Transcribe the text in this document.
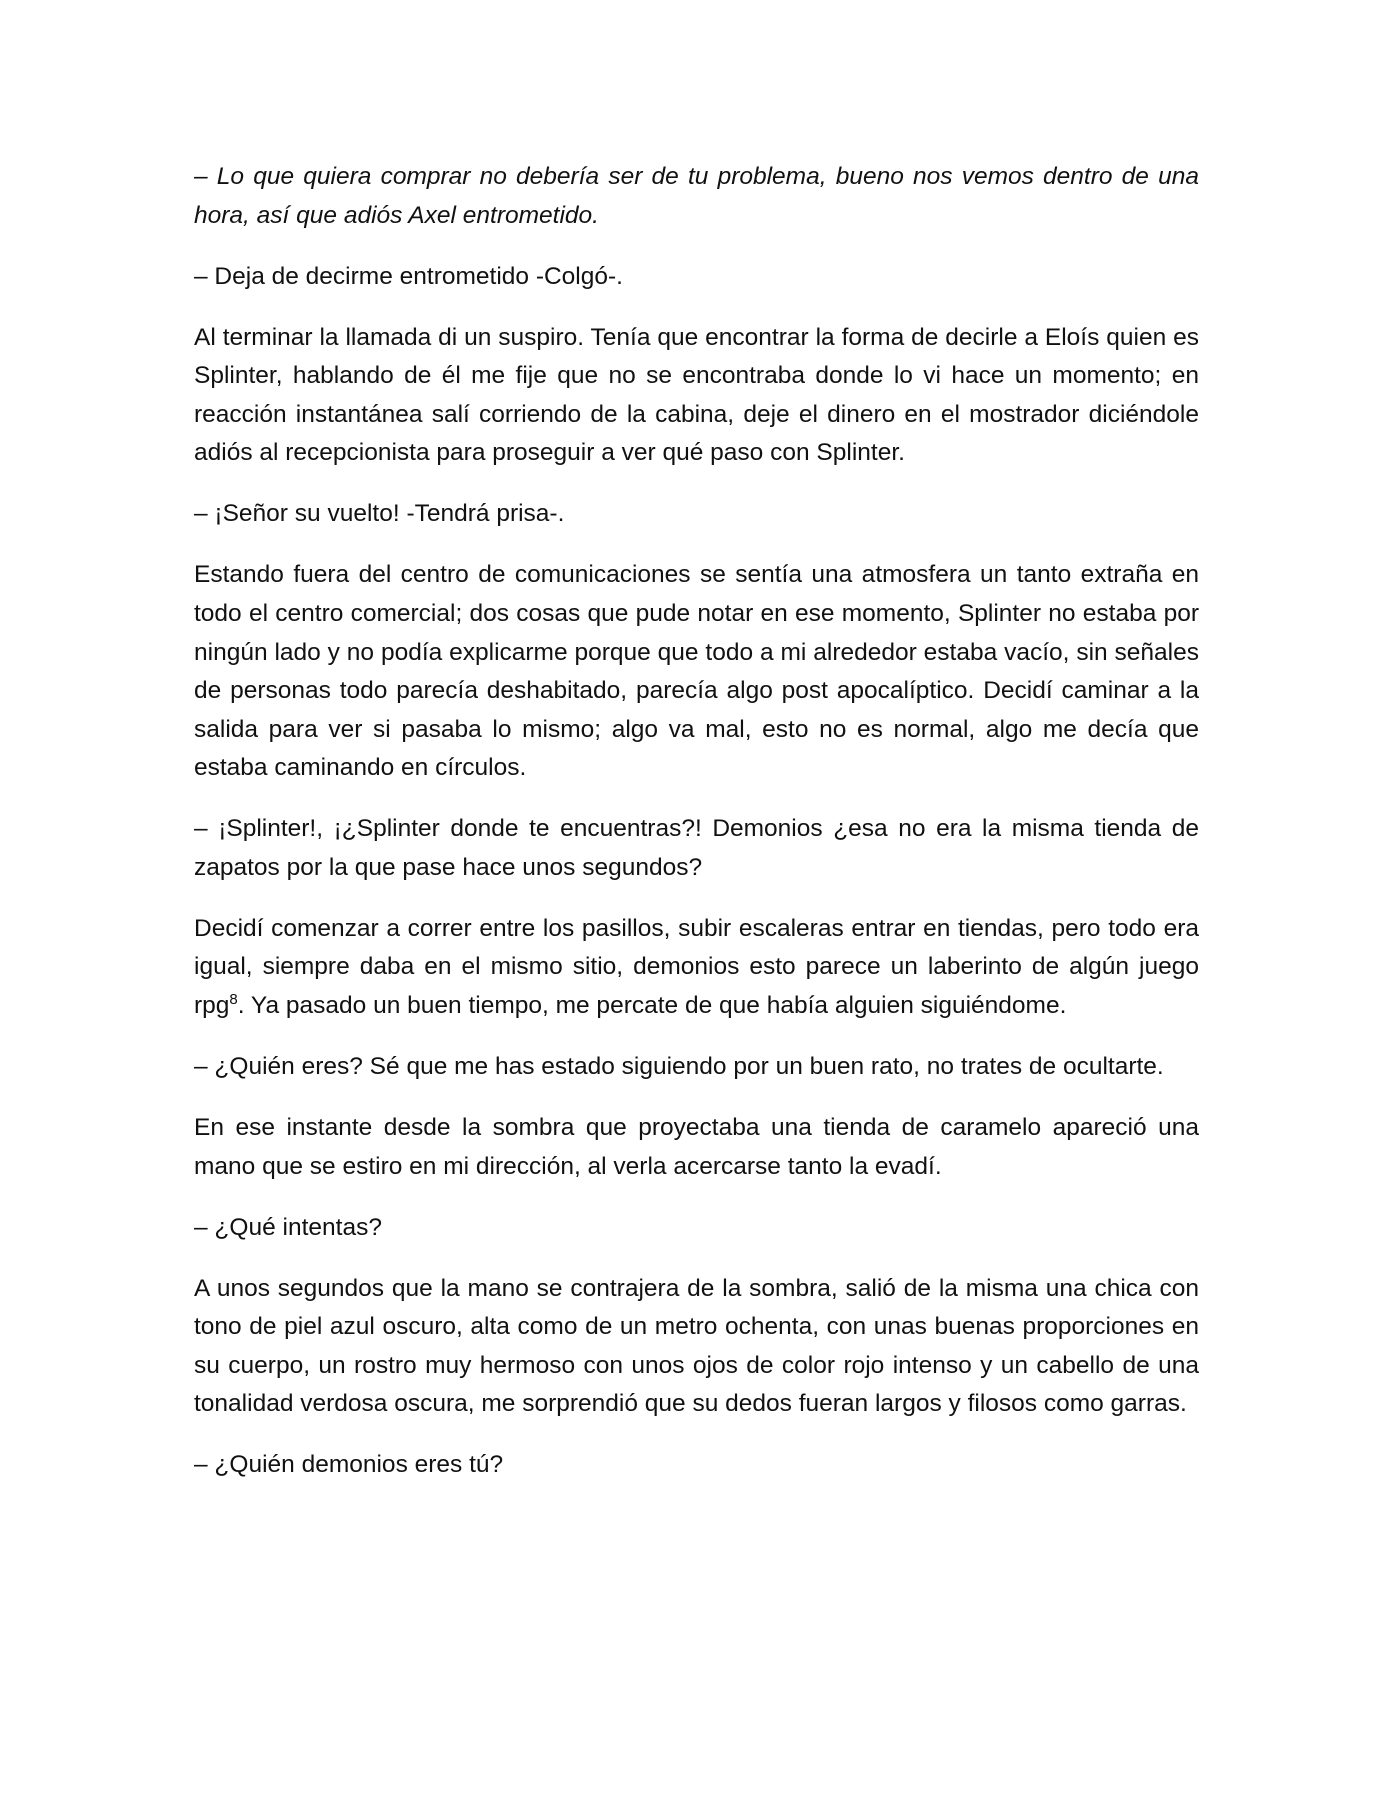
– Lo que quiera comprar no debería ser de tu problema, bueno nos vemos dentro de una hora, así que adiós Axel entrometido.

– Deja de decirme entrometido -Colgó-.

Al terminar la llamada di un suspiro. Tenía que encontrar la forma de decirle a Eloís quien es Splinter, hablando de él me fije que no se encontraba donde lo vi hace un momento; en reacción instantánea salí corriendo de la cabina, deje el dinero en el mostrador diciéndole adiós al recepcionista para proseguir a ver qué paso con Splinter.

– ¡Señor su vuelto! -Tendrá prisa-.

Estando fuera del centro de comunicaciones se sentía una atmosfera un tanto extraña en todo el centro comercial; dos cosas que pude notar en ese momento, Splinter no estaba por ningún lado y no podía explicarme porque que todo a mi alrededor estaba vacío, sin señales de personas todo parecía deshabitado, parecía algo post apocalíptico. Decidí caminar a la salida para ver si pasaba lo mismo; algo va mal, esto no es normal, algo me decía que estaba caminando en círculos.

– ¡Splinter!, ¡¿Splinter donde te encuentras?! Demonios ¿esa no era la misma tienda de zapatos por la que pase hace unos segundos?

Decidí comenzar a correr entre los pasillos, subir escaleras entrar en tiendas, pero todo era igual, siempre daba en el mismo sitio, demonios esto parece un laberinto de algún juego rpg$^8$. Ya pasado un buen tiempo, me percate de que había alguien siguiéndome.

– ¿Quién eres? Sé que me has estado siguiendo por un buen rato, no trates de ocultarte.

En ese instante desde la sombra que proyectaba una tienda de caramelo apareció una mano que se estiro en mi dirección, al verla acercarse tanto la evadí.

– ¿Qué intentas?

A unos segundos que la mano se contrajera de la sombra, salió de la misma una chica con tono de piel azul oscuro, alta como de un metro ochenta, con unas buenas proporciones en su cuerpo, un rostro muy hermoso con unos ojos de color rojo intenso y un cabello de una tonalidad verdosa oscura, me sorprendió que su dedos fueran largos y filosos como garras.

– ¿Quién demonios eres tú?
